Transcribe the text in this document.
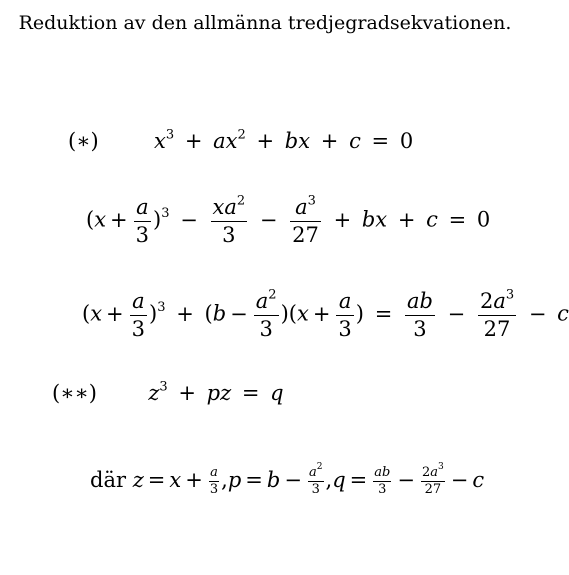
Reduktion av den allmänna tredjegradsekvationen.
(∗)	$x^3 + ax^2$ + bx + c = 0
$(x + \frac{a}{3} )^3 - \frac{xa^2}{3} - \frac{a^3}{27}$ + bx + c = 0
$(x + \frac{a}{3} )^3 + (b - \frac{a^2}{3} )(x + \frac{a}{3}$ ) = $\frac{ab}{3} - \frac{2a^3}{27} - c$
(∗∗) $z^3$ + pz = q
där $z = x + \frac{a}{3} ,p = b - \frac{a^2}{3} ,q = \frac{ab}{3} - \frac{2a^3}{27} - c$
